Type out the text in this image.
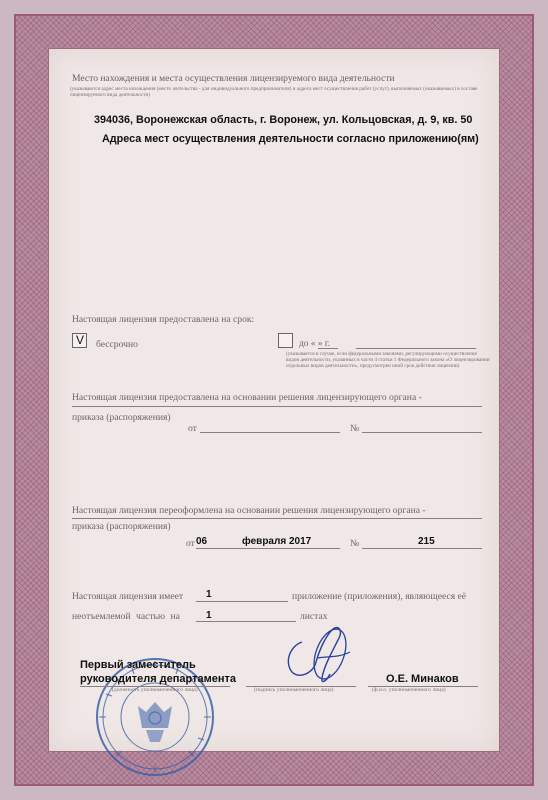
Место нахождения и места осуществления лицензируемого вида деятельности
(указываются адрес места нахождения (место жительства - для индивидуального предпринимателя) и адреса мест осуществления работ (услуг), выполняемых (оказываемых) в составе лицензируемого вида деятельности)
394036, Воронежская область, г. Воронеж, ул. Кольцовская, д. 9, кв. 50
Адреса мест осуществления деятельности согласно приложению(ям)
Настоящая лицензия предоставлена на срок:
V бессрочно	до « » г.
(указывается в случае, если федеральными законами, регулирующими осуществление видов деятельности, указанных в части 4 статьи 1 Федерального закона «О лицензировании отдельных видов деятельности», предусмотрен иной срок действия лицензии)
Настоящая лицензия предоставлена на основании решения лицензирующего органа -
приказа (распоряжения)
от	№
Настоящая лицензия переоформлена на основании решения лицензирующего органа -
приказа (распоряжения)
от 06	февраля 2017	№	215
Настоящая лицензия имеет 1	приложение (приложения), являющееся её
неотъемлемой частью на	1	листах
Первый заместитель
руководителя департамента
(должность уполномоченного лица)	(подпись уполномоченного лица)
О.Е. Минаков
(ф.и.о. уполномоченного лица)
